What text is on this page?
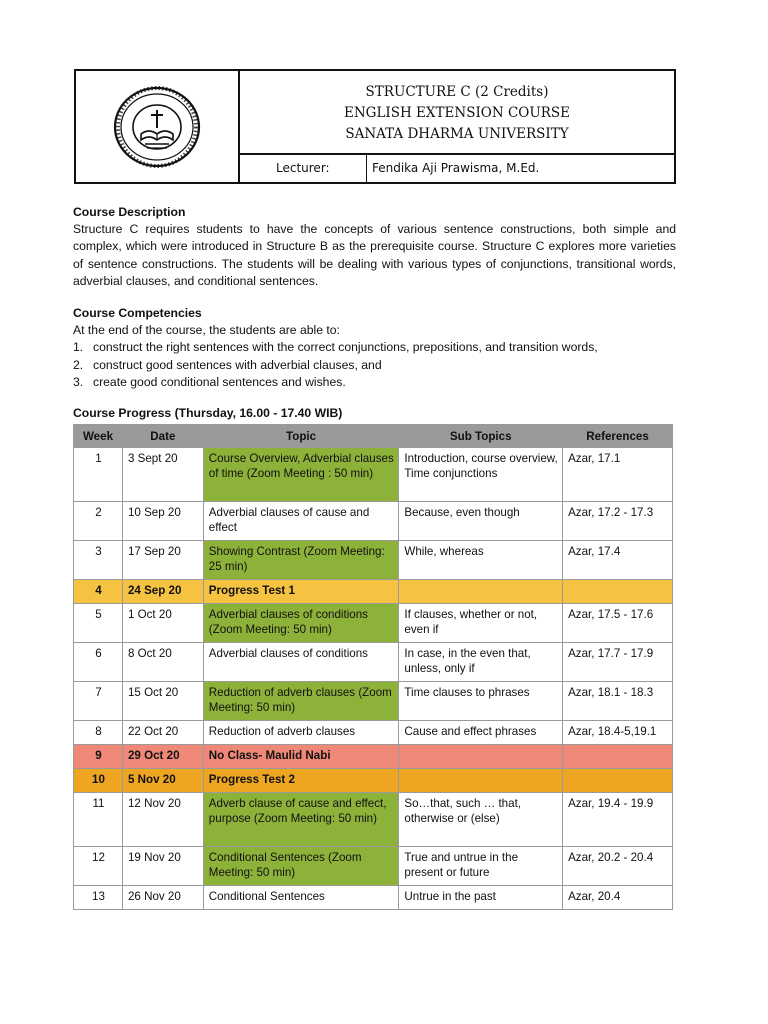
STRUCTURE C (2 Credits)
ENGLISH EXTENSION COURSE
SANATA DHARMA UNIVERSITY
Lecturer:	Fendika Aji Prawisma, M.Ed.
Course Description
Structure C requires students to have the concepts of various sentence constructions, both simple and complex, which were introduced in Structure B as the prerequisite course. Structure C explores more varieties of sentence constructions. The students will be dealing with various types of conjunctions, transitional words, adverbial clauses, and conditional sentences.
Course Competencies
At the end of the course, the students are able to:
1. construct the right sentences with the correct conjunctions, prepositions, and transition words,
2. construct good sentences with adverbial clauses, and
3. create good conditional sentences and wishes.
Course Progress (Thursday, 16.00 - 17.40 WIB)
Week	Date	Topic	Sub Topics	References
1	3 Sept 20	Course Overview, Adverbial clauses of time (Zoom Meeting : 50 min)	Introduction, course overview, Time conjunctions	Azar, 17.1
2	10 Sep 20	Adverbial clauses of cause and effect	Because, even though	Azar, 17.2 - 17.3
3	17 Sep 20	Showing Contrast (Zoom Meeting: 25 min)	While, whereas	Azar, 17.4
4	24 Sep 20	Progress Test 1		
5	1 Oct 20	Adverbial clauses of conditions (Zoom Meeting: 50 min)	If clauses, whether or not, even if	Azar, 17.5 - 17.6
6	8 Oct 20	Adverbial clauses of conditions	In case, in the even that, unless, only if	Azar, 17.7 - 17.9
7	15 Oct 20	Reduction of adverb clauses (Zoom Meeting: 50 min)	Time clauses to phrases	Azar, 18.1 - 18.3
8	22 Oct 20	Reduction of adverb clauses	Cause and effect phrases	Azar, 18.4-5,19.1
9	29 Oct 20	No Class- Maulid Nabi		
10	5 Nov 20	Progress Test 2		
11	12 Nov 20	Adverb clause of cause and effect, purpose (Zoom Meeting: 50 min)	So…that, such … that, otherwise or (else)	Azar, 19.4 - 19.9
12	19 Nov 20	Conditional Sentences (Zoom Meeting: 50 min)	True and untrue in the present or future	Azar, 20.2 - 20.4
13	26 Nov 20	Conditional Sentences	Untrue in the past	Azar, 20.4
